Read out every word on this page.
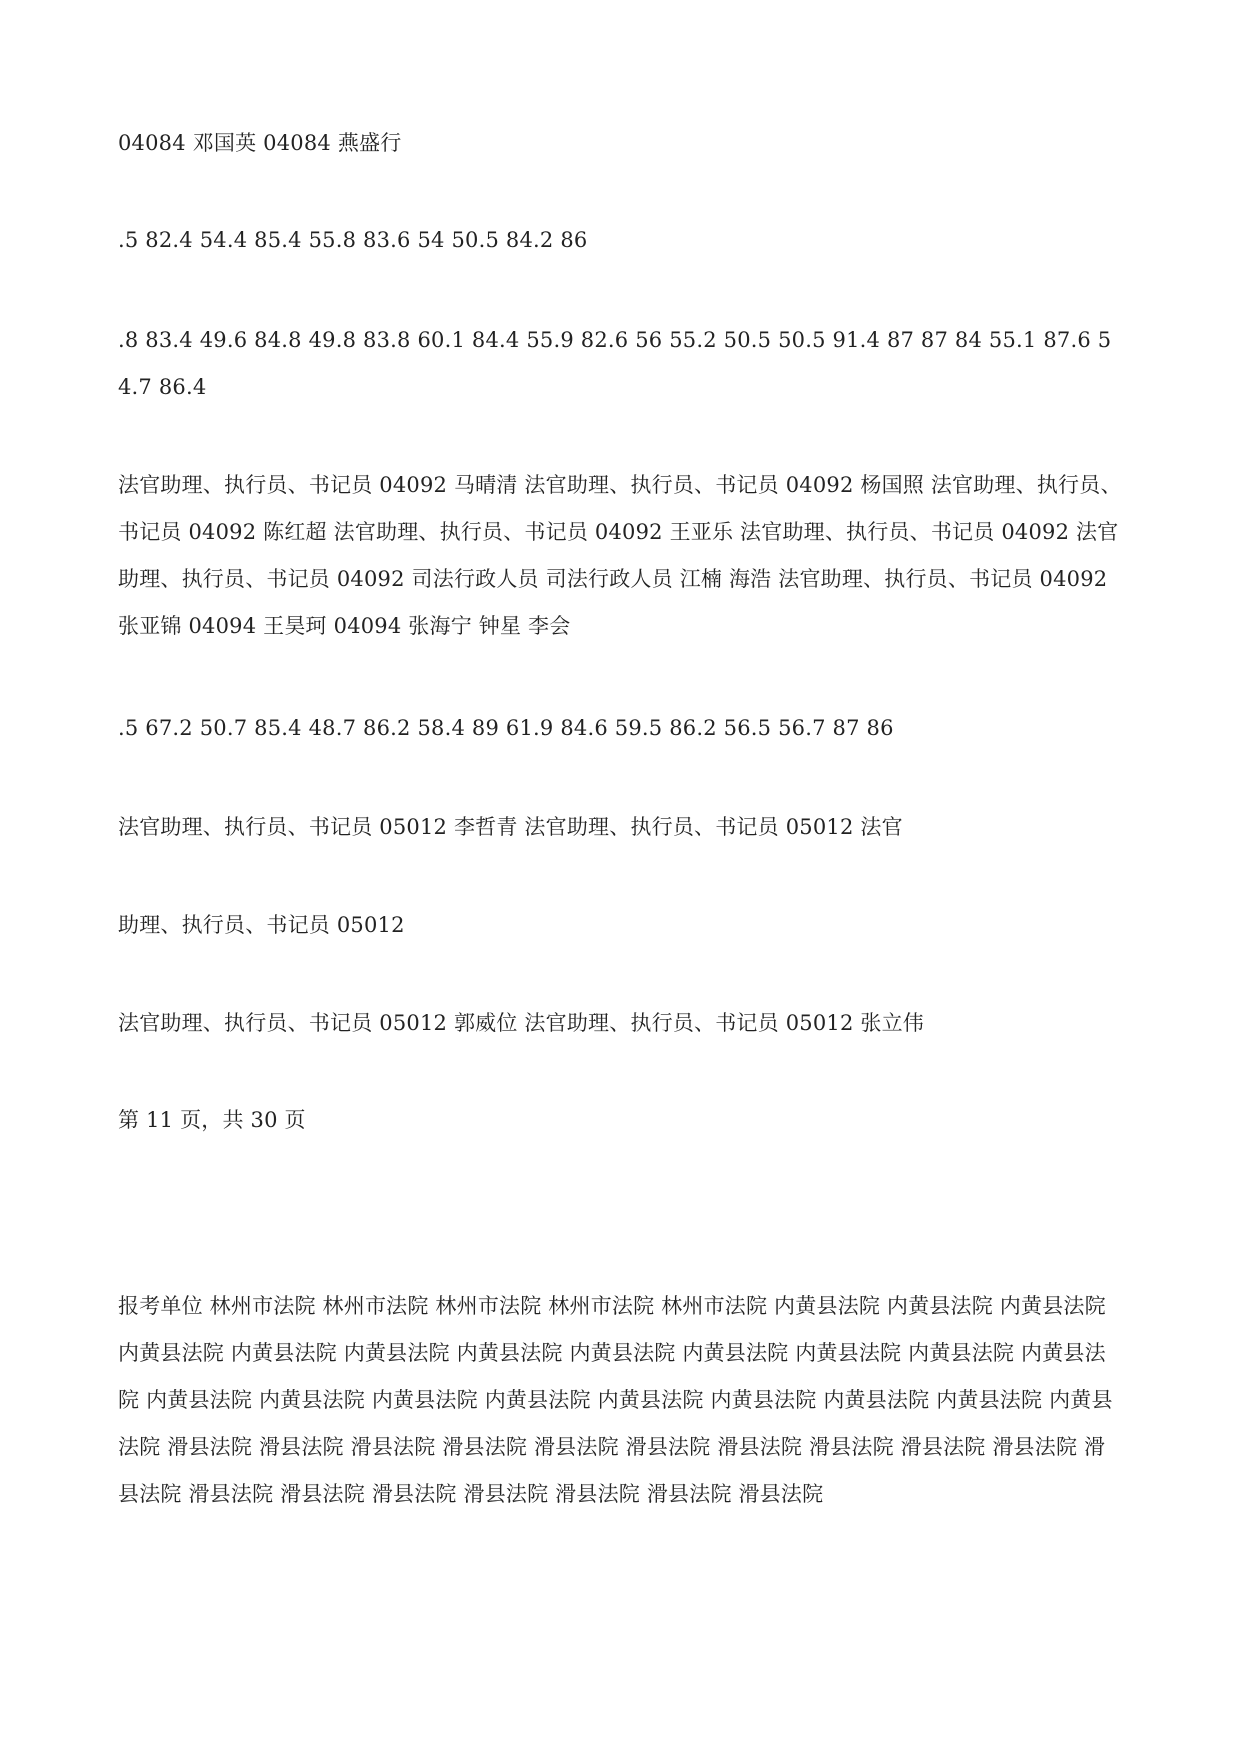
04084 邓国英 04084 燕盛行

.5 82.4 54.4 85.4 55.8 83.6 54 50.5 84.2 86

.8 83.4 49.6 84.8 49.8 83.8 60.1 84.4 55.9 82.6 56 55.2 50.5 50.5 91.4 87 87 84 55.1 87.6 54.7 86.4

法官助理、执行员、书记员 04092 马晴清 法官助理、执行员、书记员 04092 杨国照 法官助理、执行员、书记员 04092 陈红超 法官助理、执行员、书记员 04092 王亚乐 法官助理、执行员、书记员 04092 法官助理、执行员、书记员 04092 司法行政人员 司法行政人员 江楠 海浩 法官助理、执行员、书记员 04092 张亚锦 04094 王昊珂 04094 张海宁 钟星 李会

.5 67.2 50.7 85.4 48.7 86.2 58.4 89 61.9 84.6 59.5 86.2 56.5 56.7 87 86

法官助理、执行员、书记员 05012 李哲青 法官助理、执行员、书记员 05012 法官

助理、执行员、书记员 05012

法官助理、执行员、书记员 05012 郭威位 法官助理、执行员、书记员 05012 张立伟

第 11 页，共 30 页

报考单位 林州市法院 林州市法院 林州市法院 林州市法院 林州市法院 内黄县法院 内黄县法院 内黄县法院 内黄县法院 内黄县法院 内黄县法院 内黄县法院 内黄县法院 内黄县法院 内黄县法院 内黄县法院 内黄县法院 内黄县法院 内黄县法院 内黄县法院 内黄县法院 内黄县法院 内黄县法院 内黄县法院 内黄县法院 内黄县法院 滑县法院 滑县法院 滑县法院 滑县法院 滑县法院 滑县法院 滑县法院 滑县法院 滑县法院 滑县法院 滑县法院 滑县法院 滑县法院 滑县法院 滑县法院 滑县法院 滑县法院 滑县法院
